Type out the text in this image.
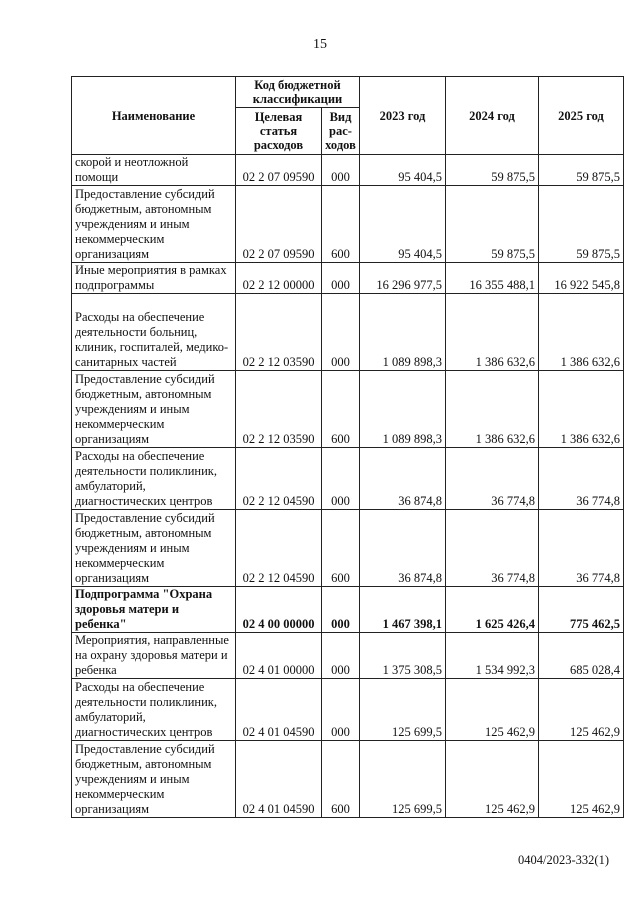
15
Наименование	Код бюджетной классификации		2023 год	2024 год	2025 год
	Целевая статья расходов	Вид рас-ходов			
скорой и неотложной помощи	02 2 07 09590	000	95 404,5	59 875,5	59 875,5
Предоставление субсидий бюджетным, автономным учреждениям и иным некоммерческим организациям	02 2 07 09590	600	95 404,5	59 875,5	59 875,5
Иные мероприятия в рамках подпрограммы	02 2 12 00000	000	16 296 977,5	16 355 488,1	16 922 545,8
Расходы на обеспечение деятельности больниц, клиник, госпиталей, медико-санитарных частей	02 2 12 03590	000	1 089 898,3	1 386 632,6	1 386 632,6
Предоставление субсидий бюджетным, автономным учреждениям и иным некоммерческим организациям	02 2 12 03590	600	1 089 898,3	1 386 632,6	1 386 632,6
Расходы на обеспечение деятельности поликлиник, амбулаторий, диагностических центров	02 2 12 04590	000	36 874,8	36 774,8	36 774,8
Предоставление субсидий бюджетным, автономным учреждениям и иным некоммерческим организациям	02 2 12 04590	600	36 874,8	36 774,8	36 774,8
Подпрограмма "Охрана здоровья матери и ребенка"	02 4 00 00000	000	1 467 398,1	1 625 426,4	775 462,5
Мероприятия, направленные на охрану здоровья матери и ребенка	02 4 01 00000	000	1 375 308,5	1 534 992,3	685 028,4
Расходы на обеспечение деятельности поликлиник, амбулаторий, диагностических центров	02 4 01 04590	000	125 699,5	125 462,9	125 462,9
Предоставление субсидий бюджетным, автономным учреждениям и иным некоммерческим организациям	02 4 01 04590	600	125 699,5	125 462,9	125 462,9
0404/2023-332(1)
